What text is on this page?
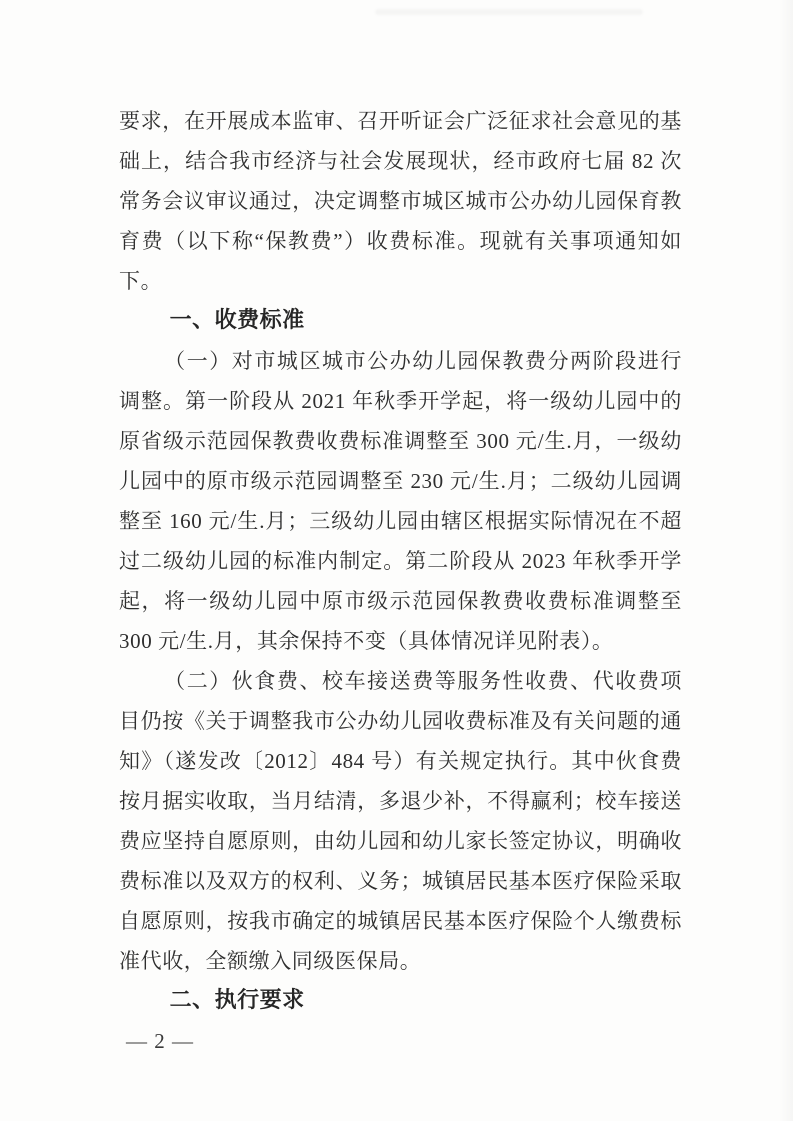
要求，在开展成本监审、召开听证会广泛征求社会意见的基础上，结合我市经济与社会发展现状，经市政府七届 82 次常务会议审议通过，决定调整市城区城市公办幼儿园保育教育费（以下称“保教费”）收费标准。现就有关事项通知如下。

一、收费标准

（一）对市城区城市公办幼儿园保教费分两阶段进行调整。第一阶段从 2021 年秋季开学起，将一级幼儿园中的原省级示范园保教费收费标准调整至 300 元/生.月，一级幼儿园中的原市级示范园调整至 230 元/生.月；二级幼儿园调整至 160 元/生.月；三级幼儿园由辖区根据实际情况在不超过二级幼儿园的标准内制定。第二阶段从 2023 年秋季开学起，将一级幼儿园中原市级示范园保教费收费标准调整至 300 元/生.月，其余保持不变（具体情况详见附表）。

（二）伙食费、校车接送费等服务性收费、代收费项目仍按《关于调整我市公办幼儿园收费标准及有关问题的通知》（遂发改〔2012〕484 号）有关规定执行。其中伙食费按月据实收取，当月结清，多退少补，不得赢利；校车接送费应坚持自愿原则，由幼儿园和幼儿家长签定协议，明确收费标准以及双方的权利、义务；城镇居民基本医疗保险采取自愿原则，按我市确定的城镇居民基本医疗保险个人缴费标准代收，全额缴入同级医保局。

二、执行要求

— 2 —
